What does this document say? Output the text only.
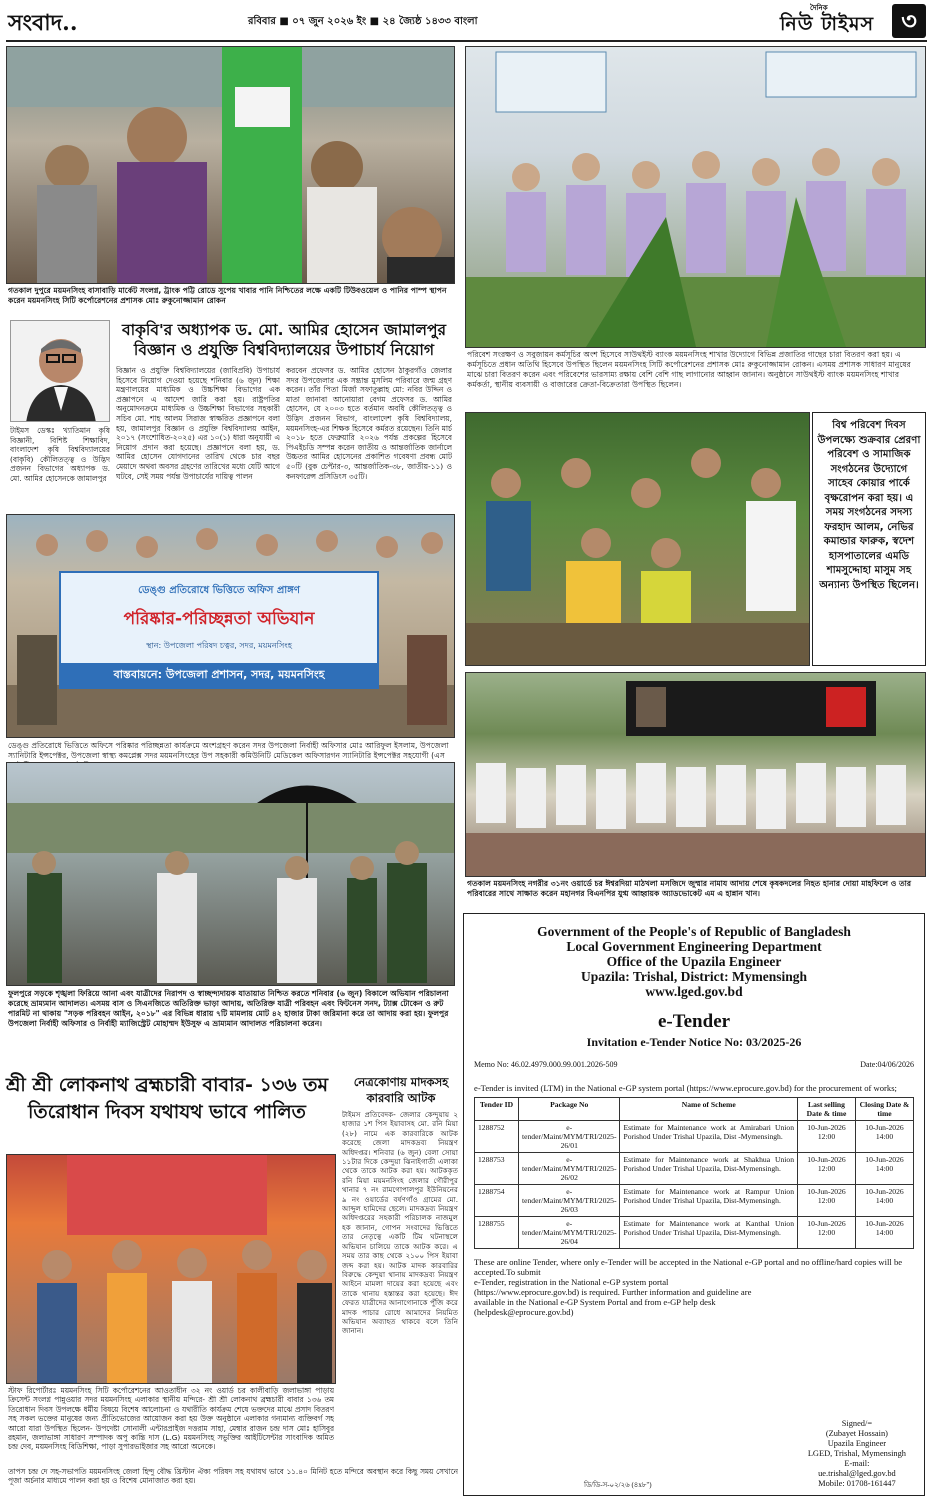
সংবাদ..	রবিবার ■ ০৭ জুন ২০২৬ ইং ■ ২৪ জ্যৈষ্ঠ ১৪৩৩ বাংলা
দৈনিক
নিউ টাইমস	৩
গতকাল দুপুরে ময়মনসিংহ বাসাবাড়ি মার্কেট সংলগ্ন, ট্রাংক পট্টি রোডে সুপেয় খাবার পানি নিশ্চিতের লক্ষে একটি টিউবওয়েল ও পানির পাম্প স্থাপন করেন ময়মনসিংহ সিটি কর্পোরেশনের প্রশাসক মোঃ রুকুনোজ্জামান রোকন
পরিবেশ সংরক্ষণ ও সবুজায়ন কর্মসূচির অংশ হিসেবে সাউথইস্ট ব্যাংক ময়মনসিংহ শাখার উদ্যোগে বিভিন্ন প্রজাতির গাছের চারা বিতরণ করা হয়। এ কর্মসূচিতে প্রধান অতিথি হিসেবে উপস্থিত ছিলেন ময়মনসিংহ সিটি কর্পোরেশনের প্রশাসক মোঃ রুকুনোজ্জামান রোকন। এসময় প্রশাসক সাধারণ মানুষের মাঝে চারা বিতরণ করেন এবং পরিবেশের ভারসাম্য রক্ষায় বেশি বেশি গাছ লাগানোর আহ্বান জানান। অনুষ্ঠানে সাউথইস্ট ব্যাংক ময়মনসিংহ শাখার কর্মকর্তা, স্থানীয় ব্যবসায়ী ও বাজারের ক্রেতা-বিক্রেতারা উপস্থিত ছিলেন।
বাকৃবি'র অধ্যাপক ড. মো. আমির হোসেন জামালপুর
বিজ্ঞান ও প্রযুক্তি বিশ্ববিদ্যালয়ের উপাচার্য নিয়োগ
টাইমস ডেস্কঃ খ্যাতিমান কৃষি বিজ্ঞানী, বিশিষ্ট শিক্ষাবিদ, বাংলাদেশ কৃষি বিশ্ববিদ্যালয়ের (বাকৃবি) কৌলিতত্ত্ব ও উদ্ভিদ প্রজনন বিভাগের অধ্যাপক ড. মো. আমির হোসেনকে জামালপুর
বিজ্ঞান ও প্রযুক্তি বিশ্ববিদ্যালয়ের (জাবিপ্রবি) উপাচার্য হিসেবে নিয়োগ দেওয়া হয়েছে শনিবার (৬ জুন) শিক্ষা মন্ত্রণালয়ের মাধ্যমিক ও উচ্চশিক্ষা বিভাগের এক প্রজ্ঞাপনে এ আদেশ জারি করা হয়। রাষ্ট্রপতির অনুমোদনক্রমে মাধ্যমিক ও উচ্চশিক্ষা বিভাগের সহকারী সচিব মো. শাহ আলম সিরাজ স্বাক্ষরিত প্রজ্ঞাপনে বলা হয়, জামালপুর বিজ্ঞান ও প্রযুক্তি বিশ্ববিদ্যালয় আইন, ২০১৭ (সংশোধিত-২০২৫) এর ১০(১) ধারা অনুযায়ী এ নিয়োগ প্রদান করা হয়েছে। প্রজ্ঞাপনে বলা হয়, ড. আমির হোসেন যোগদানের তারিখ থেকে চার বছর মেয়াদে অথবা অবসর গ্রহণের তারিখের মধ্যে যেটি আগে ঘটবে, সেই সময় পর্যন্ত উপাচার্যের দায়িত্ব পালন
করবেন প্রফেসর ড. আমির হোসেন ঠাকুরগাঁও জেলার সদর উপজেলার এক সম্ভ্রান্ত মুসলিম পরিবারে জন্ম গ্রহণ করেন। তাঁর পিতা মির্জা সফাতুল্লাহ মো: নবির উদ্দিন ও মাতা জানাবা আনোয়ারা বেগম প্রফেসর ড. আমির হোসেন, যে ২০০৩ হতে বর্তমান অবধি কৌলিতত্ত্ব ও উদ্ভিদ প্রজনন বিভাগ, বাংলাদেশ কৃষি বিশ্ববিদ্যালয়, ময়মনসিংহ-এর শিক্ষক হিসেবে কর্মরত রয়েছেন। তিনি মার্চ ২০১৮ হতে ফেব্রুয়ারি ২০২৬ পর্যন্ত প্রকল্পের হিসেবে পিএইচডি সম্পন্ন করেন জাতীয় ও আন্তর্জাতিক জার্নালে উচ্চতর আমির হোসেনের প্রকাশিত গবেষণা প্রবন্ধ মোট ৫০টি (বুক চেপ্টার-৩, আন্তর্জাতিক-৩৮, জাতীয়-১১) ও কনফারেন্স প্রসিডিংস ৩৫টি।
ডেঙ্গু প্রতিরোধে ভিত্তিতে অফিস প্রাঙ্গণ
পরিষ্কার-পরিচ্ছন্নতা অভিযান
স্থান: উপজেলা পরিষদ চত্বর, সদর, ময়মনসিংহ
বাস্তবায়নে: উপজেলা প্রশাসন, সদর, ময়মনসিংহ
ডেঙ্গু প্রতিরোধে ভিত্তিতে অফিসে পরিষ্কার পরিচ্ছন্নতা কার্যক্রমে অংশগ্রহণ করেন সদর উপজেলা নির্বাহী অফিসার মোঃ আরিফুল ইসলাম, উপজেলা স্যানিটারি ইন্সপেক্টর, উপজেলা স্বাস্থ্য কমপ্লেক্স সদর ময়মনসিংহের উপ সহকারী কমিউনিটি মেডিকেল অফিসারগন স্যানিটারি ইন্সপেক্টর সহযোগী (এস
বিশ্ব পরিবেশ দিবস উপলক্ষ্যে শুক্রবার প্রেরণা পরিবেশ ও সামাজিক সংগঠনের উদ্যোগে সাহেব কোয়ার পার্কে বৃক্ষরোপন করা হয়। এ সময় সংগঠনের সদস্য ফরহাদ আলম, নেভির কমান্ডার ফারুক, স্বদেশ হাসপাতালের এমডি শামসুদ্দোহা মাসুম সহ অন্যান্য উপস্থিত ছিলেন।
গতকাল ময়মনসিংহ নগরীর ৩১নং ওয়ার্ডে চর ঈশ্বরদিয়া মাঠখলা মসজিদে জুম্মার নামায আদায় শেষে কৃষকদলের নিহত হানার দোয়া মাহফিলে ও তার পরিবারের সাথে সাক্ষাত করেন মহানগর বিএনপির যুগ্ম আহ্বায়ক অ্যাডভোকেট এম এ হান্নান খান।
ফুলপুরে সড়কে শৃঙ্খলা ফিরিয়ে আনা এবং যাত্রীদের নিরাপদ ও স্বাচ্ছন্দ্যদায়ক যাতায়াত নিশ্চিত করতে শনিবার (৬ জুন) বিকালে অভিযান পরিচালনা করেছে ভ্রাম্যমান আদালত। এসময় বাস ও সিএনজিতে অতিরিক্ত ভাড়া আদায়, অতিরিক্ত যাত্রী পরিবহন এবং ফিটনেস সনদ, ট্যাক্স টোকেন ও রুট পারমিট না থাকায় "সড়ক পরিবহন আইন, ২০১৮" এর বিভিন্ন ধারায় ৭টি মামলায় মোট ৪২ হাজার টাকা জরিমানা করে তা আদায় করা হয়। ফুলপুর উপজেলা নির্বাহী অফিসার ও নির্বাহী ম্যাজিস্ট্রেট মোহাম্মদ ইউসুফ এ ভ্রাম্যমান আদালত পরিচালনা করেন।
শ্রী শ্রী লোকনাথ ব্রহ্মচারী বাবার- ১৩৬ তম
তিরোধান দিবস যথাযথ ভাবে পালিত
স্টাফ রিপোর্টারঃ ময়মনসিংহ সিটি কর্পোরেশনের আওতাধীন ৩২ নং ওয়ার্ড চর কালীবাড়ি জলাভাঙ্গা পাড়ায় ক্রিসেন্ট সংলগ্ন পান্নুওয়ার সদর ময়মনসিংহ এলাকার স্থানীয় মন্দিরে- শ্রী শ্রী লোকনাথ ব্রহ্মচারী বাবার ১৩৬ তম তিরোধান দিবস উপলক্ষে ধর্মীয় বিষয়ে বিশেষ আলোচনা ও যথারীতি কার্যক্রম শেষে ভক্তদের মাঝে প্রসাদ বিতরণ সহ সকল ভক্তের মানুষের জন্য প্রীতিভোজের আয়োজন করা হয় উক্ত অনুষ্ঠানে এলাকার গন্যমান্য ব্যক্তিবর্গ সহ আরো যারা উপস্থিত ছিলেন- উপদেষ্টা সোনালী এন্টারপ্রাইজ দত্তরাম সাহা, মেম্বার রাজন চন্দ্র দাস মোঃ হাসিবুর রহমান, জলাভাঙ্গা সাধারণ সম্পাদক অপু কান্তি দাস (L.G) ময়মনসিংহ সভুক্তির আইটিসেন্টার সাংবাদিক অমিত চন্দ্র দেব, ময়মনসিংহ বিডিশিক্ষা, পাড়া সুপারভাইজার সহ আরো অনেকে।
তাপস চন্দ্র দে সহ-সভাপতি ময়মনসিংহ জেলা হিন্দু বৌদ্ধ খ্রিস্টান ঐক্য পরিষদ সহ যথাযথ ভাবে ১১.৪০ মিনিট হতে মন্দিরে অবস্থান করে কিছু সময় সেখানে পূজা অর্চনার মাধ্যমে পালন করা হয় ও বিশেষ মোনাজাত করা হয়।
নেত্রকোণায় মাদকসহ
কারবারি আটক
টাইমস প্রতিবেদক- জেলার কেন্দুয়ায় ২ হাজার ১শ পিস ইয়াবাসহ মো. রনি মিয়া (২৮) নামে এক কারবারিকে আটক করেছে জেলা মাদকদ্রব্য নিয়ন্ত্রণ অধিদপ্তর। শনিবার (৬ জুন) বেলা সোয়া ১১টার দিকে কেন্দুয়া ঝিনাইগাতী এলাকা থেকে তাকে আটক করা হয়। আটককৃত রনি মিয়া ময়মনসিংহ জেলার গৌরীপুর থানার ৭ নং রামগোপালপুর ইউনিয়নের ৯ নং ওয়ার্ডের বর্ষণগাঁও গ্রামের মো. আব্দুল হামিদের ছেলে। মাদকদ্রব্য নিয়ন্ত্রণ অধিদপ্তরের সহকারী পরিচালক নাজমুল হক জানান, গোপন সংবাদের ভিত্তিতে তার নেতৃত্বে একটি টিম ঘটনাস্থলে অভিযান চালিয়ে তাকে আটক করে। এ সময় তার কাছ থেকে ২১০০ পিস ইয়াবা জব্দ করা হয়। আটক মাদক কারবারির বিরুদ্ধে কেন্দুয়া থানায় মাদকদ্রব্য নিয়ন্ত্রণ আইনে মামলা দায়ের করা হয়েছে এবং তাকে থানায় হস্তান্তর করা হয়েছে। ঈদ ফেরত যাত্রীদের আনাগোনাকে পুঁজি করে মাদক পাচার রোধে আমাদের নিয়মিত অভিযান অব্যাহত থাকবে বলে তিনি জানান।
Government of the People's of Republic of Bangladesh
Local Government Engineering Department
Office of the Upazila Engineer
Upazila: Trishal, District: Mymensingh
www.lged.gov.bd
e-Tender
Invitation e-Tender Notice No: 03/2025-26
Memo No: 46.02.4979.000.99.001.2026-509	Date:04/06/2026
e-Tender is invited (LTM) in the National e-GP system portal (https://www.eprocure.gov.bd) for the procurement of works;
Tender ID	Package No	Name of Scheme	Last selling Date & time	Closing Date & time
1288752	e-tender/Maint/MYM/TRI/2025-26/01	Estimate for Maintenance work at Amirabari Union Porishod Under Trishal Upazila, Dist -Mymensingh.	10-Jun-2026 12:00	10-Jun-2026 14:00
1288753	e-tender/Maint/MYM/TRI/2025-26/02	Estimate for Maintenance work at Shakhua Union Porishod Under Trishal Upazila, Dist-Mymensingh.	10-Jun-2026 12:00	10-Jun-2026 14:00
1288754	e-tender/Maint/MYM/TRI/2025-26/03	Estimate for Maintenance work at Rampur Union Porishod Under Trishal Upazila, Dist-Mymensingh.	10-Jun-2026 12:00	10-Jun-2026 14:00
1288755	e-tender/Maint/MYM/TRI/2025-26/04	Estimate for Maintenance work at Kanthal Union Porishod Under Trishal Upazila, Dist-Mymensingh.	10-Jun-2026 12:00	10-Jun-2026 14:00
These are online Tender, where only e-Tender will be accepted in the National e-GP portal and no offline/hard copies will be accepted.To submit
e-Tender, registration in the National e-GP system portal (https://www.eprocure.gov.bd) is required. Further information and guideline are available in the National e-GP System Portal and from e-GP help desk (helpdesk@eprocure.gov.bd)
Signed/=
(Zubayet Hossain)
Upazila Engineer
LGED, Trishal, Mymensingh
E-mail:
ue.trishal@lged.gov.bd
Mobile: 01708-161447
ডি/ডি-স-০২/২৬ (৪x৮")
